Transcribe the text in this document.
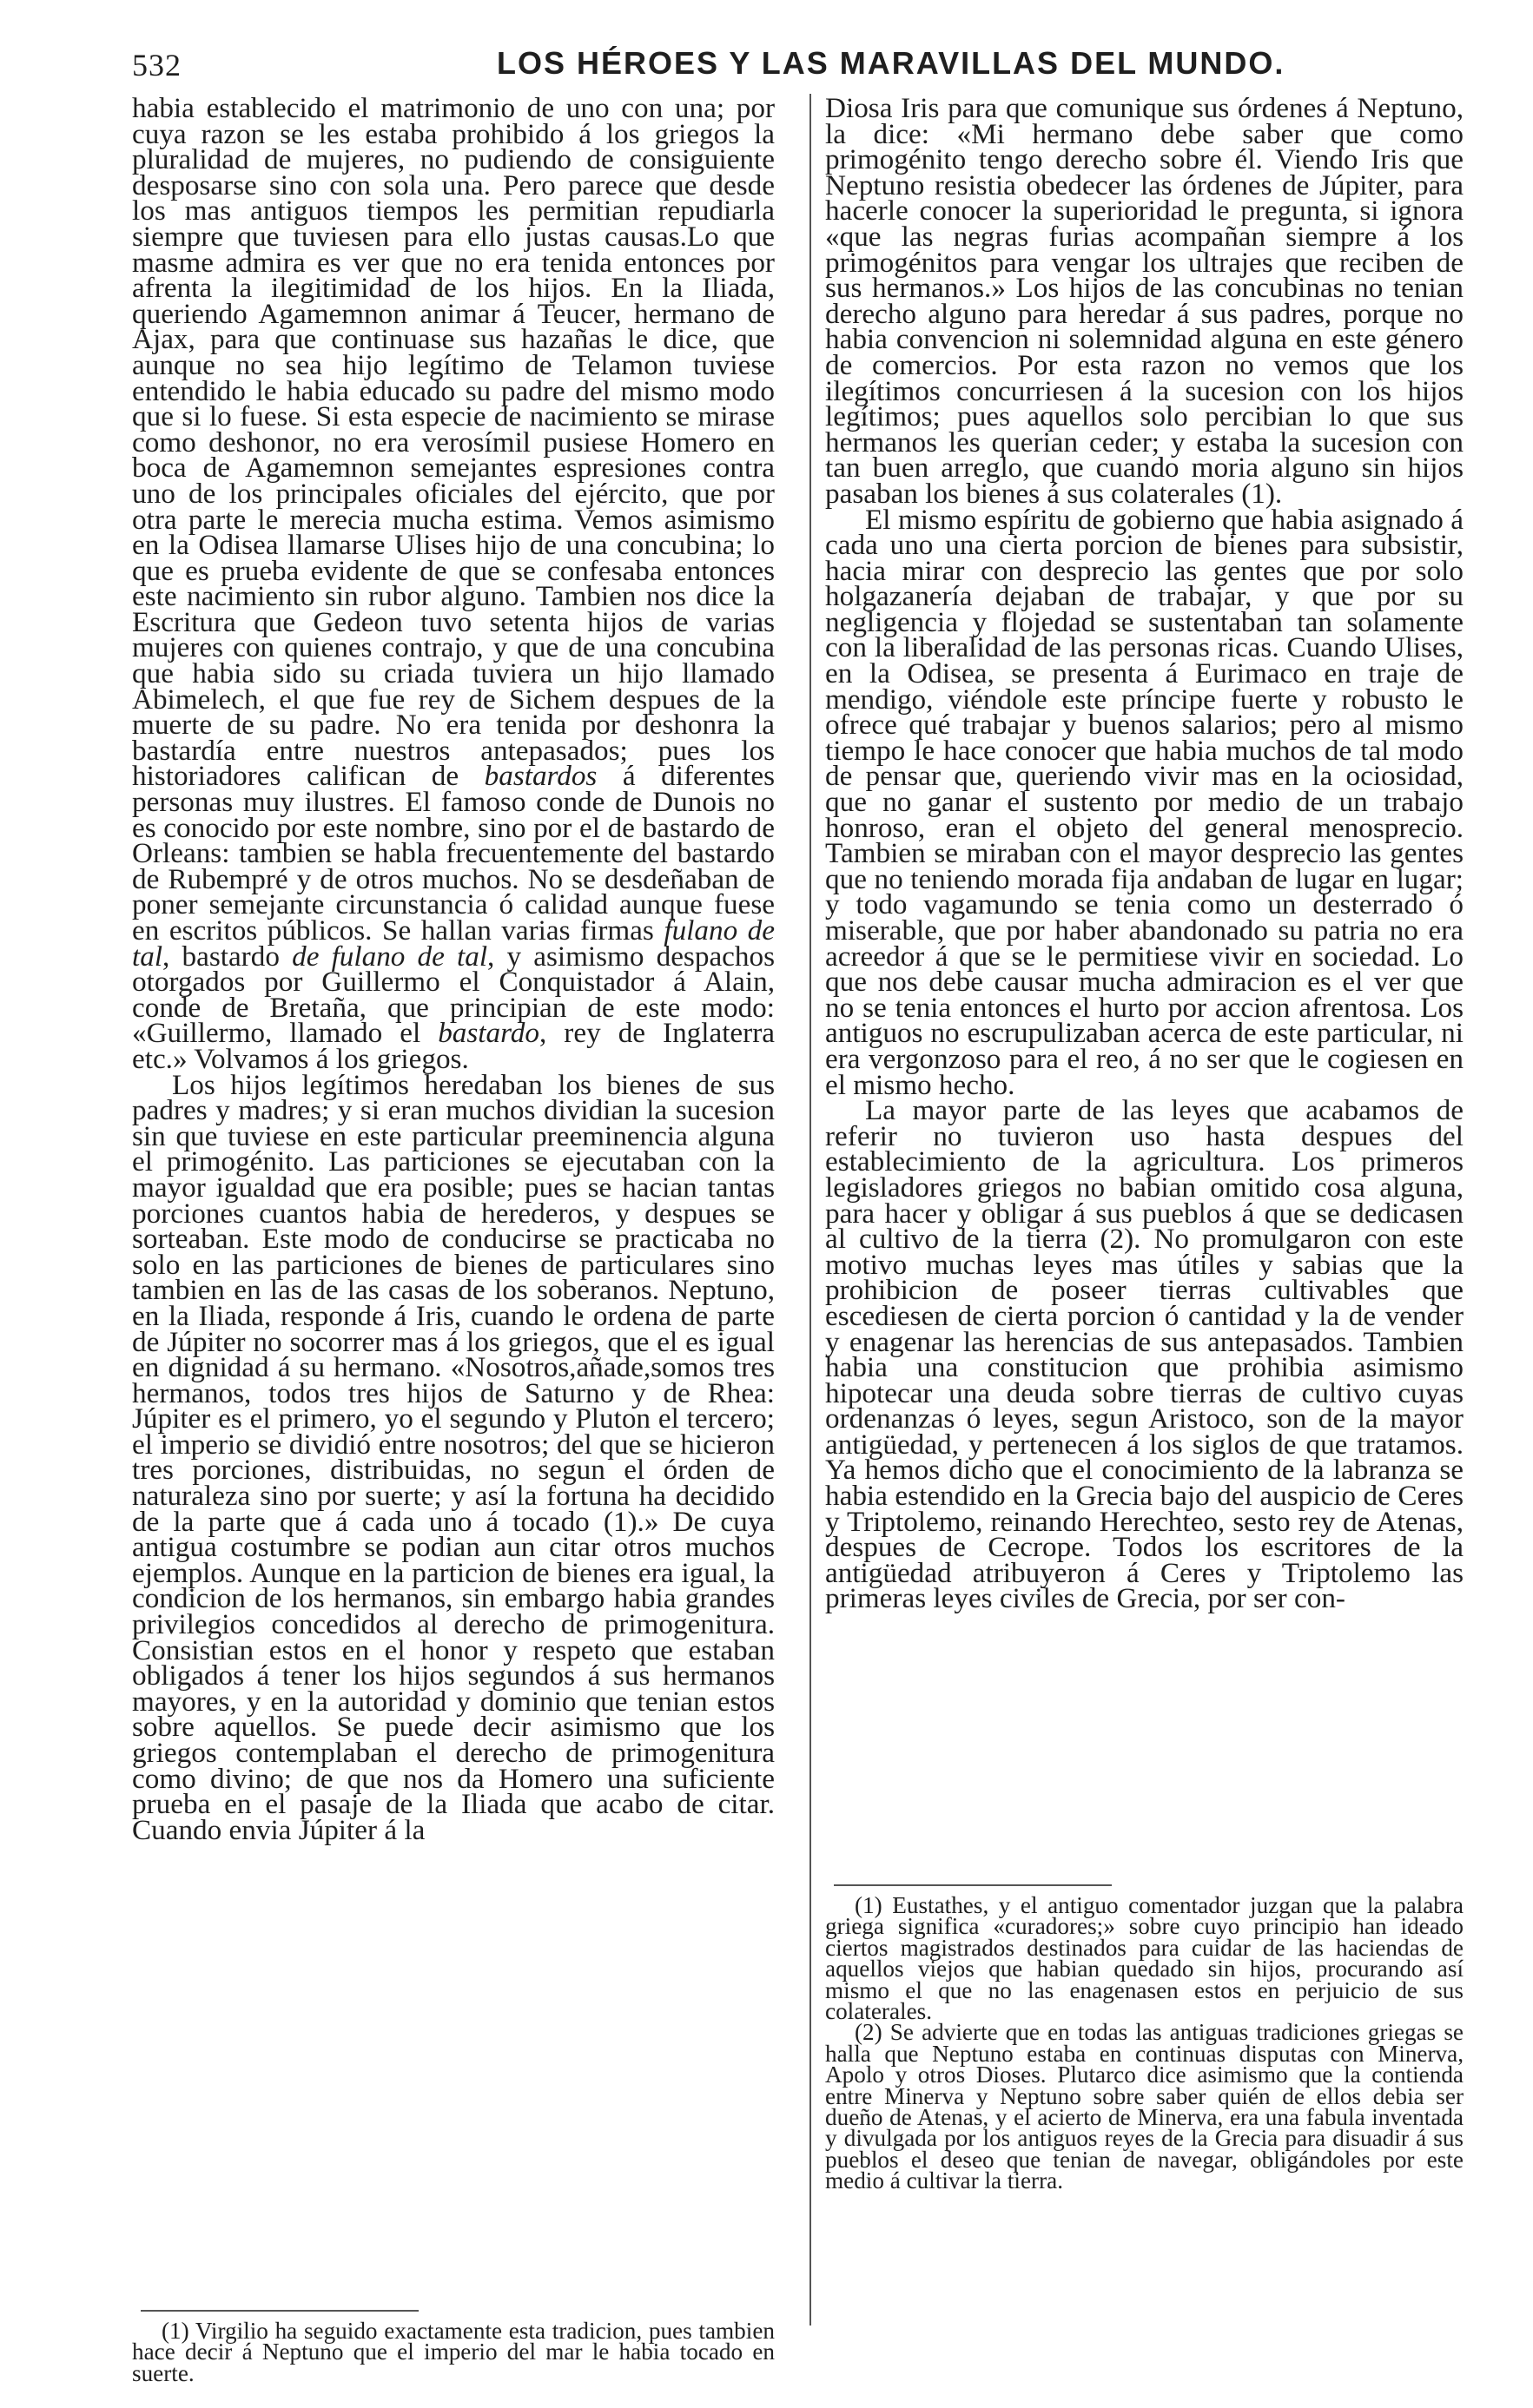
532	LOS HÉROES Y LAS MARAVILLAS DEL MUNDO.

habia establecido el matrimonio de uno con una; por cuya razon se les estaba prohibido á los griegos la pluralidad de mujeres, no pudiendo de consiguiente desposarse sino con sola una. Pero parece que desde los mas antiguos tiempos les permitian repudiarla siempre que tuviesen para ello justas causas.Lo que masme admira es ver que no era tenida entonces por afrenta la ilegitimidad de los hijos. En la Iliada, queriendo Agamemnon animar á Teucer, hermano de Ajax, para que continuase sus hazañas le dice, que aunque no sea hijo legítimo de Telamon tuviese entendido le habia educado su padre del mismo modo que si lo fuese. Si esta especie de nacimiento se mirase como deshonor, no era verosímil pusiese Homero en boca de Agamemnon semejantes espresiones contra uno de los principales oficiales del ejército, que por otra parte le merecia mucha estima. Vemos asimismo en la Odisea llamarse Ulises hijo de una concubina; lo que es prueba evidente de que se confesaba entonces este nacimiento sin rubor alguno. Tambien nos dice la Escritura que Gedeon tuvo setenta hijos de varias mujeres con quienes contrajo, y que de una concubina que habia sido su criada tuviera un hijo llamado Abimelech, el que fue rey de Sichem despues de la muerte de su padre. No era tenida por deshonra la bastardía entre nuestros antepasados; pues los historiadores califican de bastardos á diferentes personas muy ilustres. El famoso conde de Dunois no es conocido por este nombre, sino por el de bastardo de Orleans: tambien se habla frecuentemente del bastardo de Rubempré y de otros muchos. No se desdeñaban de poner semejante circunstancia ó calidad aunque fuese en escritos públicos. Se hallan varias firmas fulano de tal, bastardo de fulano de tal, y asimismo despachos otorgados por Guillermo el Conquistador á Alain, conde de Bretaña, que principian de este modo: «Guillermo, llamado el bastardo, rey de Inglaterra etc.» Volvamos á los griegos.

Los hijos legítimos heredaban los bienes de sus padres y madres; y si eran muchos dividian la sucesion sin que tuviese en este particular preeminencia alguna el primogénito. Las particiones se ejecutaban con la mayor igualdad que era posible; pues se hacian tantas porciones cuantos habia de herederos, y despues se sorteaban. Este modo de conducirse se practicaba no solo en las particiones de bienes de particulares sino tambien en las de las casas de los soberanos. Neptuno, en la Iliada, responde á Iris, cuando le ordena de parte de Júpiter no socorrer mas á los griegos, que el es igual en dignidad á su hermano. «Nosotros,añade,somos tres hermanos, todos tres hijos de Saturno y de Rhea: Júpiter es el primero, yo el segundo y Pluton el tercero; el imperio se dividió entre nosotros; del que se hicieron tres porciones, distribuidas, no segun el órden de naturaleza sino por suerte; y así la fortuna ha decidido de la parte que á cada uno á tocado (1).» De cuya antigua costumbre se podian aun citar otros muchos ejemplos. Aunque en la particion de bienes era igual, la condicion de los hermanos, sin embargo habia grandes privilegios concedidos al derecho de primogenitura. Consistian estos en el honor y respeto que estaban obligados á tener los hijos segundos á sus hermanos mayores, y en la autoridad y dominio que tenian estos sobre aquellos. Se puede decir asimismo que los griegos contemplaban el derecho de primogenitura como divino; de que nos da Homero una suficiente prueba en el pasaje de la Iliada que acabo de citar. Cuando envia Júpiter á la

(1) Virgilio ha seguido exactamente esta tradicion, pues tambien hace decir á Neptuno que el imperio del mar le habia tocado en suerte.

Diosa Iris para que comunique sus órdenes á Neptuno, la dice: «Mi hermano debe saber que como primogénito tengo derecho sobre él. Viendo Iris que Neptuno resistia obedecer las órdenes de Júpiter, para hacerle conocer la superioridad le pregunta, si ignora «que las negras furias acompañan siempre á los primogénitos para vengar los ultrajes que reciben de sus hermanos.» Los hijos de las concubinas no tenian derecho alguno para heredar á sus padres, porque no habia convencion ni solemnidad alguna en este género de comercios. Por esta razon no vemos que los ilegítimos concurriesen á la sucesion con los hijos legítimos; pues aquellos solo percibian lo que sus hermanos les querian ceder; y estaba la sucesion con tan buen arreglo, que cuando moria alguno sin hijos pasaban los bienes á sus colaterales (1).

El mismo espíritu de gobierno que habia asignado á cada uno una cierta porcion de bienes para subsistir, hacia mirar con desprecio las gentes que por solo holgazanería dejaban de trabajar, y que por su negligencia y flojedad se sustentaban tan solamente con la liberalidad de las personas ricas. Cuando Ulises, en la Odisea, se presenta á Eurimaco en traje de mendigo, viéndole este príncipe fuerte y robusto le ofrece qué trabajar y buenos salarios; pero al mismo tiempo le hace conocer que habia muchos de tal modo de pensar que, queriendo vivir mas en la ociosidad, que no ganar el sustento por medio de un trabajo honroso, eran el objeto del general menosprecio. Tambien se miraban con el mayor desprecio las gentes que no teniendo morada fija andaban de lugar en lugar; y todo vagamundo se tenia como un desterrado ó miserable, que por haber abandonado su patria no era acreedor á que se le permitiese vivir en sociedad. Lo que nos debe causar mucha admiracion es el ver que no se tenia entonces el hurto por accion afrentosa. Los antiguos no escrupulizaban acerca de este particular, ni era vergonzoso para el reo, á no ser que le cogiesen en el mismo hecho.

La mayor parte de las leyes que acabamos de referir no tuvieron uso hasta despues del establecimiento de la agricultura. Los primeros legisladores griegos no babian omitido cosa alguna, para hacer y obligar á sus pueblos á que se dedicasen al cultivo de la tierra (2). No promulgaron con este motivo muchas leyes mas útiles y sabias que la prohibicion de poseer tierras cultivables que escediesen de cierta porcion ó cantidad y la de vender y enagenar las herencias de sus antepasados. Tambien habia una constitucion que prohibia asimismo hipotecar una deuda sobre tierras de cultivo cuyas ordenanzas ó leyes, segun Aristoco, son de la mayor antigüedad, y pertenecen á los siglos de que tratamos. Ya hemos dicho que el conocimiento de la labranza se habia estendido en la Grecia bajo del auspicio de Ceres y Triptolemo, reinando Herechteo, sesto rey de Atenas, despues de Cecrope. Todos los escritores de la antigüedad atribuyeron á Ceres y Triptolemo las primeras leyes civiles de Grecia, por ser con-

(1) Eustathes, y el antiguo comentador juzgan que la palabra griega significa «curadores;» sobre cuyo principio han ideado ciertos magistrados destinados para cuidar de las haciendas de aquellos viejos que habian quedado sin hijos, procurando así mismo el que no las enagenasen estos en perjuicio de sus colaterales.

(2) Se advierte que en todas las antiguas tradiciones griegas se halla que Neptuno estaba en continuas disputas con Minerva, Apolo y otros Dioses. Plutarco dice asimismo que la contienda entre Minerva y Neptuno sobre saber quién de ellos debia ser dueño de Atenas, y el acierto de Minerva, era una fabula inventada y divulgada por los antiguos reyes de la Grecia para disuadir á sus pueblos el deseo que tenian de navegar, obligándoles por este medio á cultivar la tierra.
